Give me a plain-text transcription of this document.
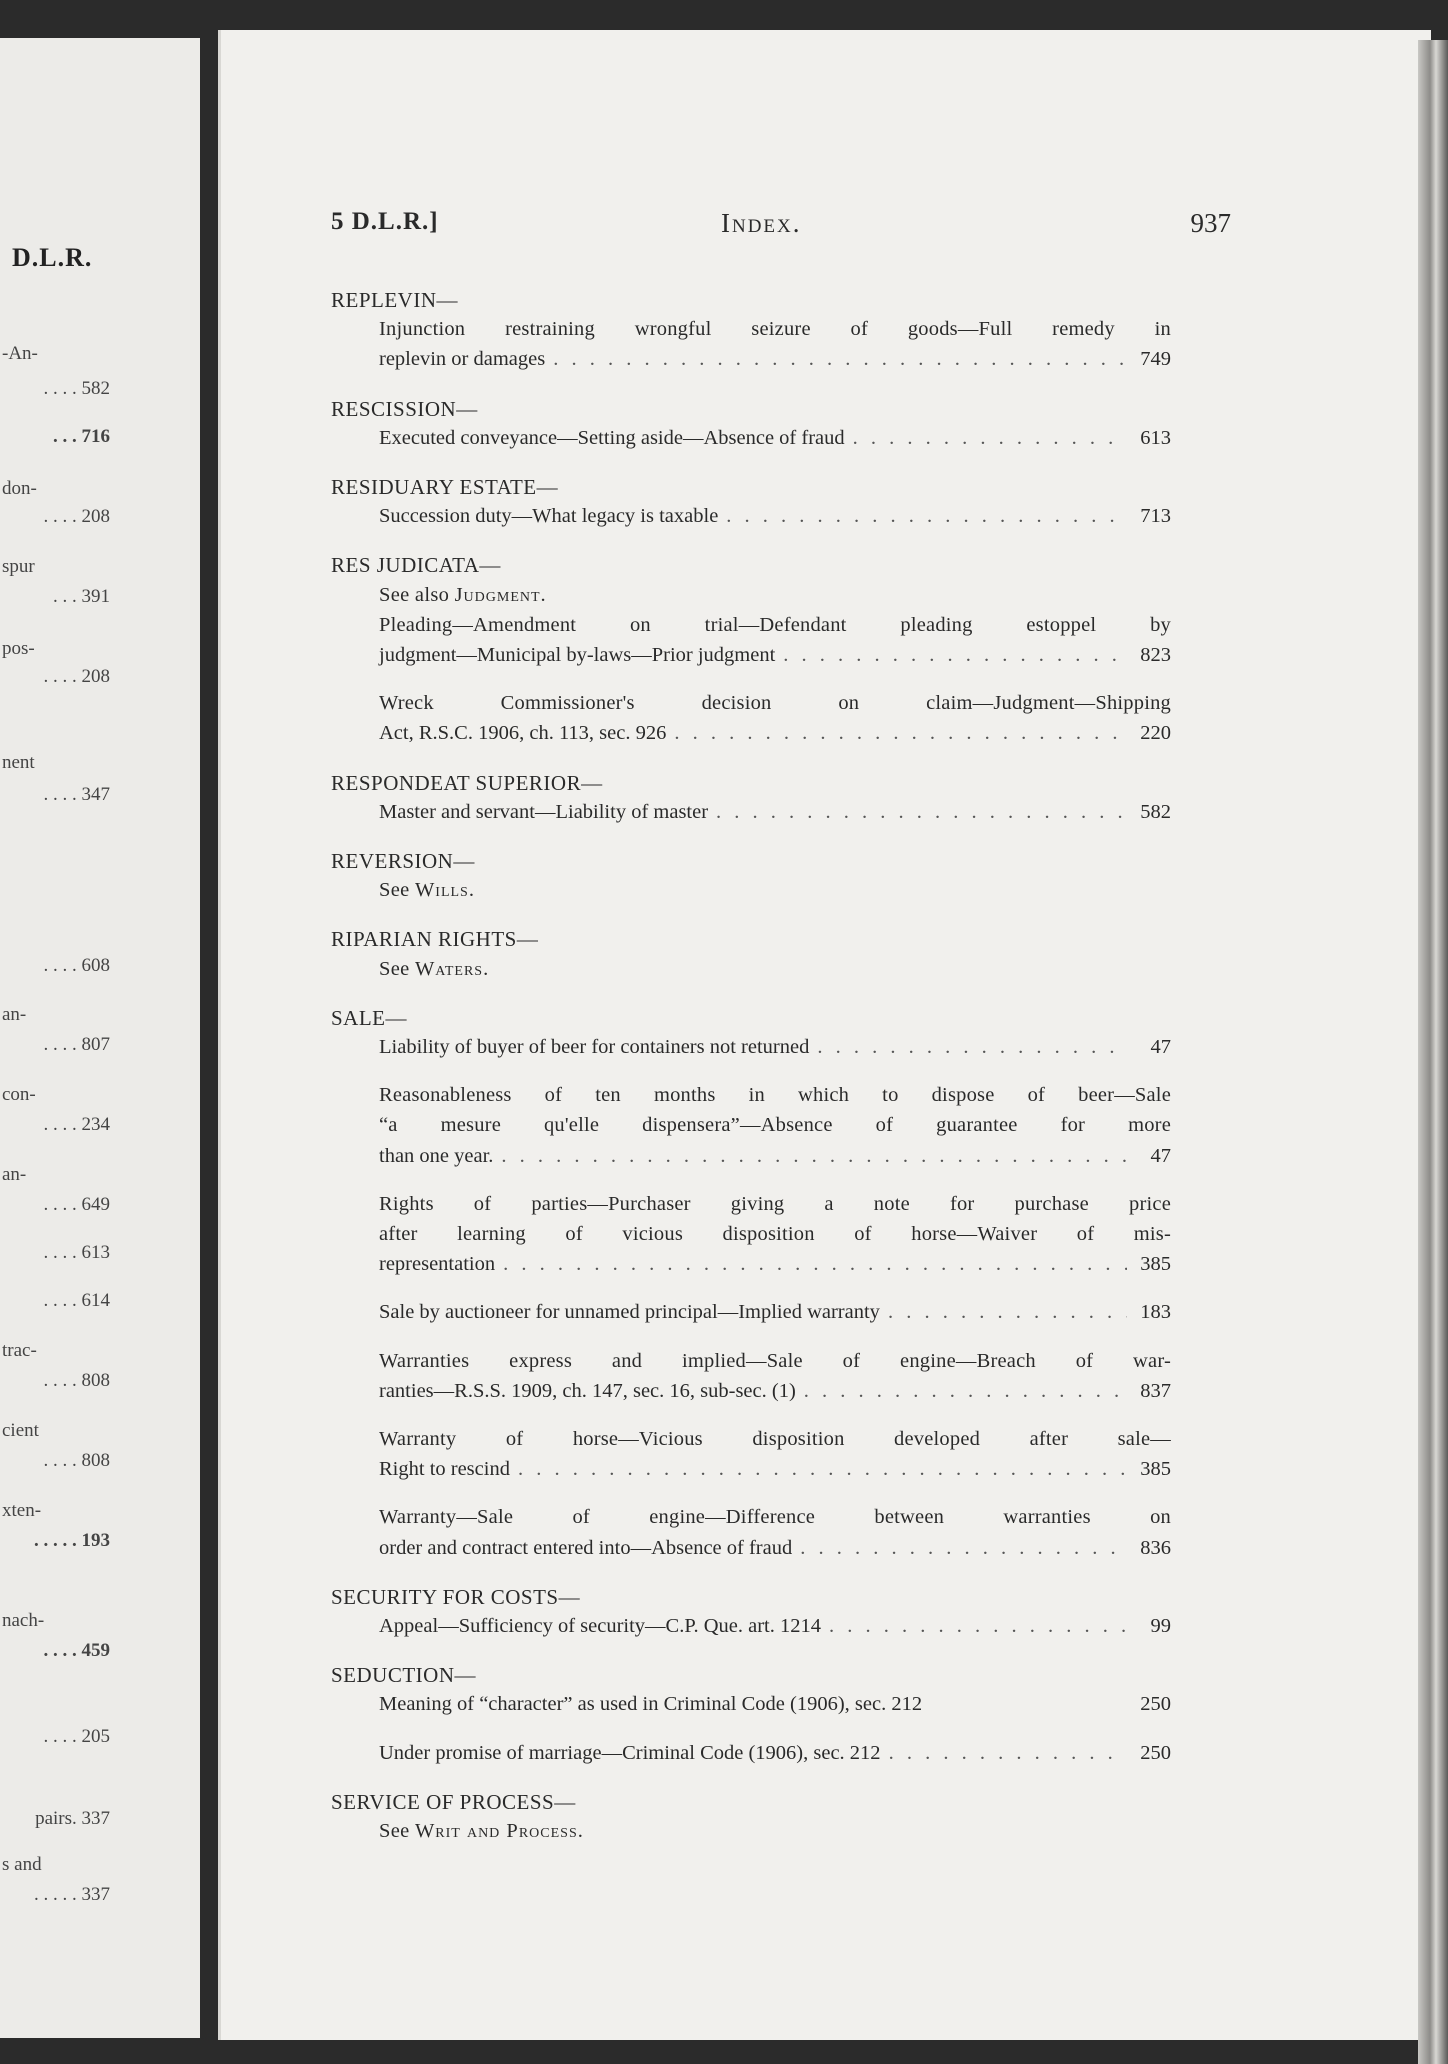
D.L.R.
-An-
. . . . 582
. . . 716
don-
. . . . 208
spur
. . . 391
pos-
. . . . 208
nent
. . . . 347
. . . . 608
an-
. . . . 807
con-
. . . . 234
an-
. . . . 649
. . . . 613
. . . . 614
trac-
. . . . 808
cient
. . . . 808
xten-
. . . . . 193
nach-
. . . . 459
. . . . 205
pairs. 337
s and
. . . . . 337
5 D.L.R.]	Index.	937
REPLEVIN—
Injunction restraining wrongful seizure of goods—Full remedy in
replevin or damages . . .	749
RESCISSION—
Executed conveyance—Setting aside—Absence of fraud . . .	613
RESIDUARY ESTATE—
Succession duty—What legacy is taxable . . .	713
RES JUDICATA—
See also Judgment.
Pleading—Amendment on trial—Defendant pleading estoppel by
judgment—Municipal by-laws—Prior judgment . . .	823
Wreck Commissioner's decision on claim—Judgment—Shipping
Act, R.S.C. 1906, ch. 113, sec. 926 . . .	220
RESPONDEAT SUPERIOR—
Master and servant—Liability of master . . .	582
REVERSION—
See Wills.
RIPARIAN RIGHTS—
See Waters.
SALE—
Liability of buyer of beer for containers not returned . . .	47
Reasonableness of ten months in which to dispose of beer—Sale
“a mesure qu'elle dispensera”—Absence of guarantee for more
than one year. . . .	47
Rights of parties—Purchaser giving a note for purchase price
after learning of vicious disposition of horse—Waiver of mis-
representation . . .	385
Sale by auctioneer for unnamed principal—Implied warranty . . .	183
Warranties express and implied—Sale of engine—Breach of war-
ranties—R.S.S. 1909, ch. 147, sec. 16, sub-sec. (1) . . .	837
Warranty of horse—Vicious disposition developed after sale—
Right to rescind . . .	385
Warranty—Sale of engine—Difference between warranties on
order and contract entered into—Absence of fraud . . .	836
SECURITY FOR COSTS—
Appeal—Sufficiency of security—C.P. Que. art. 1214 . . .	99
SEDUCTION—
Meaning of “character” as used in Criminal Code (1906), sec. 212	250
Under promise of marriage—Criminal Code (1906), sec. 212 . . .	250
SERVICE OF PROCESS—
See Writ and Process.
